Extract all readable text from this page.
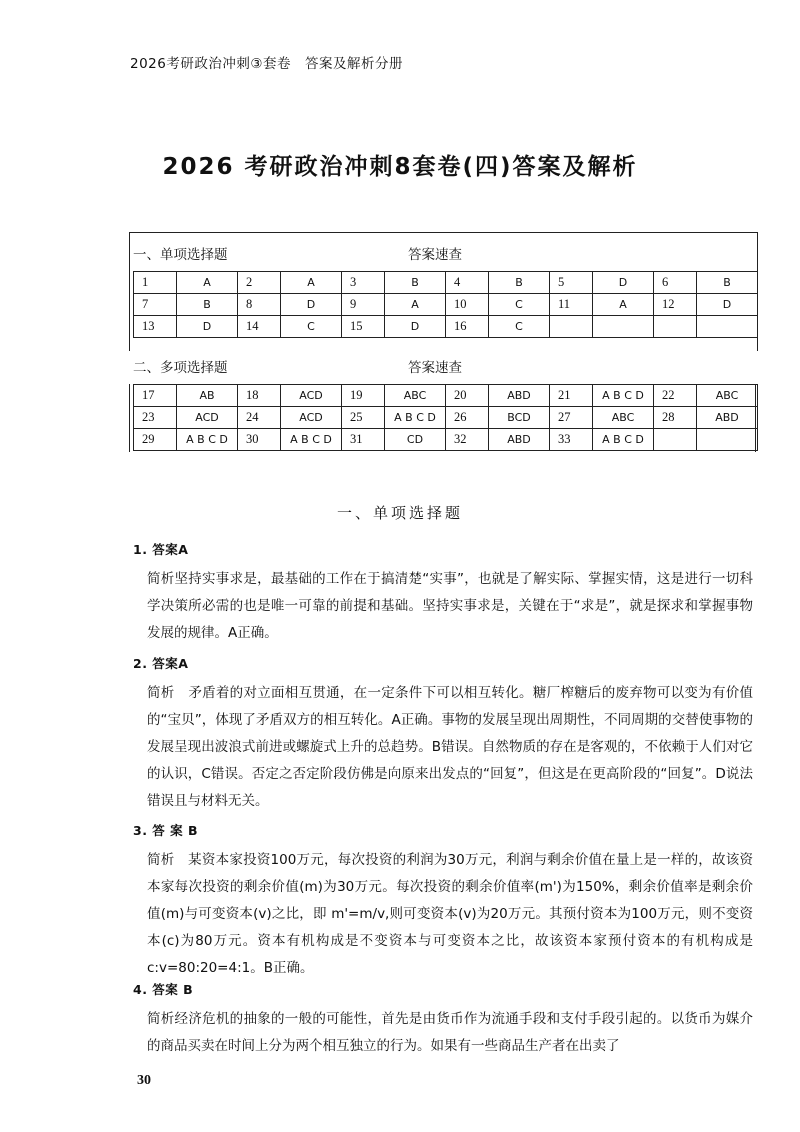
2026考研政治冲刺③套卷 答案及解析分册
2026 考研政治冲刺8套卷(四)答案及解析
一、单项选择题	答案速查
1	A	2	A	3	B	4	B	5	D	6	B
7	B	8	D	9	A	10	C	11	A	12	D
13	D	14	C	15	D	16	C				
二、多项选择题	答案速查
17	AB	18	ACD	19	ABC	20	ABD	21	A B C D	22	ABC
23	ACD	24	ACD	25	A B C D	26	BCD	27	ABC	28	ABD
29	A B C D	30	A B C D	31	CD	32	ABD	33	A B C D		
一、单项选择题
1. 答案A
简析坚持实事求是，最基础的工作在于搞清楚“实事”，也就是了解实际、掌握实情，这是进行一切科学决策所必需的也是唯一可靠的前提和基础。坚持实事求是，关键在于“求是”，就是探求和掌握事物发展的规律。A正确。
2. 答案A
简析　矛盾着的对立面相互贯通，在一定条件下可以相互转化。糖厂榨糖后的废弃物可以变为有价值的“宝贝”，体现了矛盾双方的相互转化。A正确。事物的发展呈现出周期性，不同周期的交替使事物的发展呈现出波浪式前进或螺旋式上升的总趋势。B错误。自然物质的存在是客观的，不依赖于人们对它的认识，C错误。否定之否定阶段仿佛是向原来出发点的“回复”，但这是在更高阶段的“回复”。D说法错误且与材料无关。
3. 答 案 B
简析　某资本家投资100万元，每次投资的利润为30万元，利润与剩余价值在量上是一样的，故该资本家每次投资的剩余价值(m)为30万元。每次投资的剩余价值率(m')为150%，剩余价值率是剩余价值(m)与可变资本(v)之比，即 m'=m/v,则可变资本(v)为20万元。其预付资本为100万元，则不变资本(c)为80万元。资本有机构成是不变资本与可变资本之比，故该资本家预付资本的有机构成是c:v=80:20=4:1。B正确。
4. 答案 B
简析经济危机的抽象的一般的可能性，首先是由货币作为流通手段和支付手段引起的。以货币为媒介的商品买卖在时间上分为两个相互独立的行为。如果有一些商品生产者在出卖了
30
